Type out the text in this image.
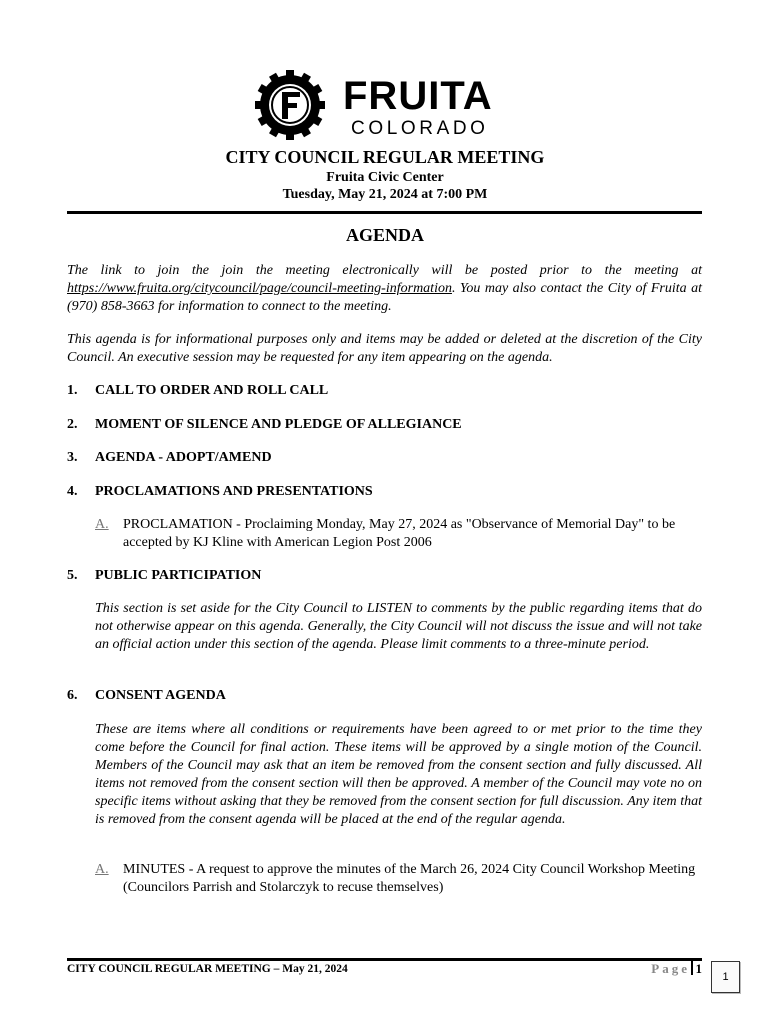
FRUITA
COLORADO
CITY COUNCIL REGULAR MEETING
Fruita Civic Center
Tuesday, May 21, 2024 at 7:00 PM
AGENDA
The link to join the join the meeting electronically will be posted prior to the meeting at https://www.fruita.org/citycouncil/page/council-meeting-information. You may also contact the City of Fruita at (970) 858-3663 for information to connect to the meeting.
This agenda is for informational purposes only and items may be added or deleted at the discretion of the City Council. An executive session may be requested for any item appearing on the agenda.
1. CALL TO ORDER AND ROLL CALL
2. MOMENT OF SILENCE AND PLEDGE OF ALLEGIANCE
3. AGENDA - ADOPT/AMEND
4. PROCLAMATIONS AND PRESENTATIONS
A. PROCLAMATION - Proclaiming Monday, May 27, 2024 as "Observance of Memorial Day" to be accepted by KJ Kline with American Legion Post 2006
5. PUBLIC PARTICIPATION
This section is set aside for the City Council to LISTEN to comments by the public regarding items that do not otherwise appear on this agenda. Generally, the City Council will not discuss the issue and will not take an official action under this section of the agenda. Please limit comments to a three-minute period.
6. CONSENT AGENDA
These are items where all conditions or requirements have been agreed to or met prior to the time they come before the Council for final action. These items will be approved by a single motion of the Council. Members of the Council may ask that an item be removed from the consent section and fully discussed. All items not removed from the consent section will then be approved. A member of the Council may vote no on specific items without asking that they be removed from the consent section for full discussion. Any item that is removed from the consent agenda will be placed at the end of the regular agenda.
A. MINUTES - A request to approve the minutes of the March 26, 2024 City Council Workshop Meeting (Councilors Parrish and Stolarczyk to recuse themselves)
CITY COUNCIL REGULAR MEETING – May 21, 2024	Page 1
1
